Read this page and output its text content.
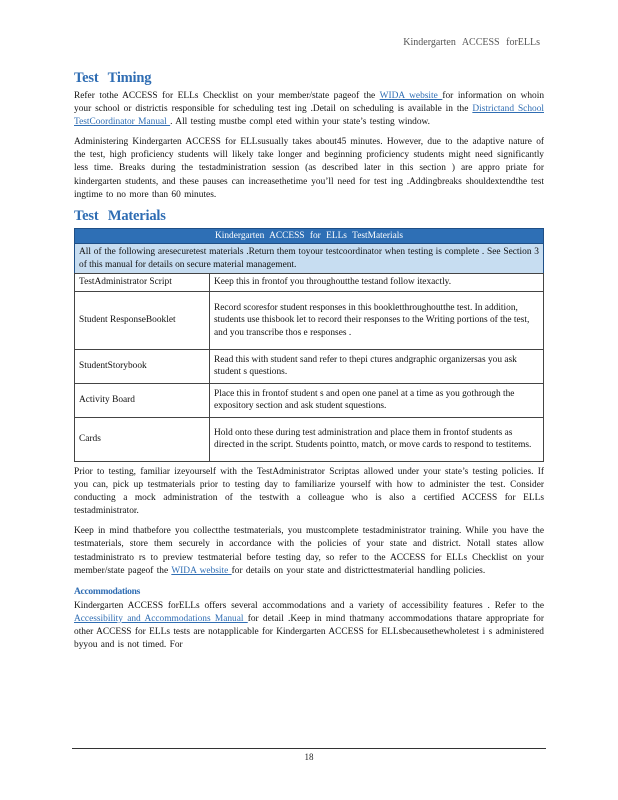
Kindergarten ACCESS forELLs
Test Timing

Refer tothe ACCESS for ELLs Checklist on your member/state pageof the WIDA website for information on whoin your school or districtis responsible for scheduling test ing .Detail on scheduling is available in the Districtand School TestCoordinator Manual . All testing mustbe compl eted within your state’s testing window.

Administering Kindergarten ACCESS for ELLsusually takes about45 minutes. However, due to the adaptive nature of the test, high proficiency students will likely take longer and beginning proficiency students might need significantly less time. Breaks during the testadministration session (as described later in this section ) are appro priate for kindergarten students, and these pauses can increasethetime you’ll need for test ing .Addingbreaks shouldextendthe test ingtime to no more than 60 minutes.

Test Materials
Kindergarten ACCESS for ELLs TestMaterials
All of the following aresecuretest materials .Return them toyour testcoordinator when testing is complete . See Section 3 of this manual for details on secure material management.
TestAdministrator Script	Keep this in frontof you throughoutthe testand follow itexactly.
Student ResponseBooklet	Record scoresfor student responses in this bookletthroughoutthe test. In addition, students use thisbook let to record their responses to the Writing portions of the test, and you transcribe thos e responses .
StudentStorybook	Read this with student sand refer to thepi ctures andgraphic organizersas you ask student s questions.
Activity Board	Place this in frontof student s and open one panel at a time as you gothrough the expository section and ask student squestions.
Cards	Hold onto these during test administration and place them in frontof students as directed in the script. Students pointto, match, or move cards to respond to testitems.

Prior to testing, familiar izeyourself with the TestAdministrator Scriptas allowed under your state’s testing policies. If you can, pick up testmaterials prior to testing day to familiarize yourself with how to administer the test. Consider conducting a mock administration of the testwith a colleague who is also a certified ACCESS for ELLs testadministrator.

Keep in mind thatbefore you collectthe testmaterials, you mustcomplete testadministrator training. While you have the testmaterials, store them securely in accordance with the policies of your state and district. Notall states allow testadministrato rs to preview testmaterial before testing day, so refer to the ACCESS for ELLs Checklist on your member/state pageof the WIDA website for details on your state and districttestmaterial handling policies.

Accommodations

Kindergarten ACCESS forELLs offers several accommodations and a variety of accessibility features . Refer to the Accessibility and Accommodations Manual for detail .Keep in mind thatmany accommodations thatare appropriate for other ACCESS for ELLs tests are notapplicable for Kindergarten ACCESS for ELLsbecausethewholetest i s administered byyou and is not timed. For

18
